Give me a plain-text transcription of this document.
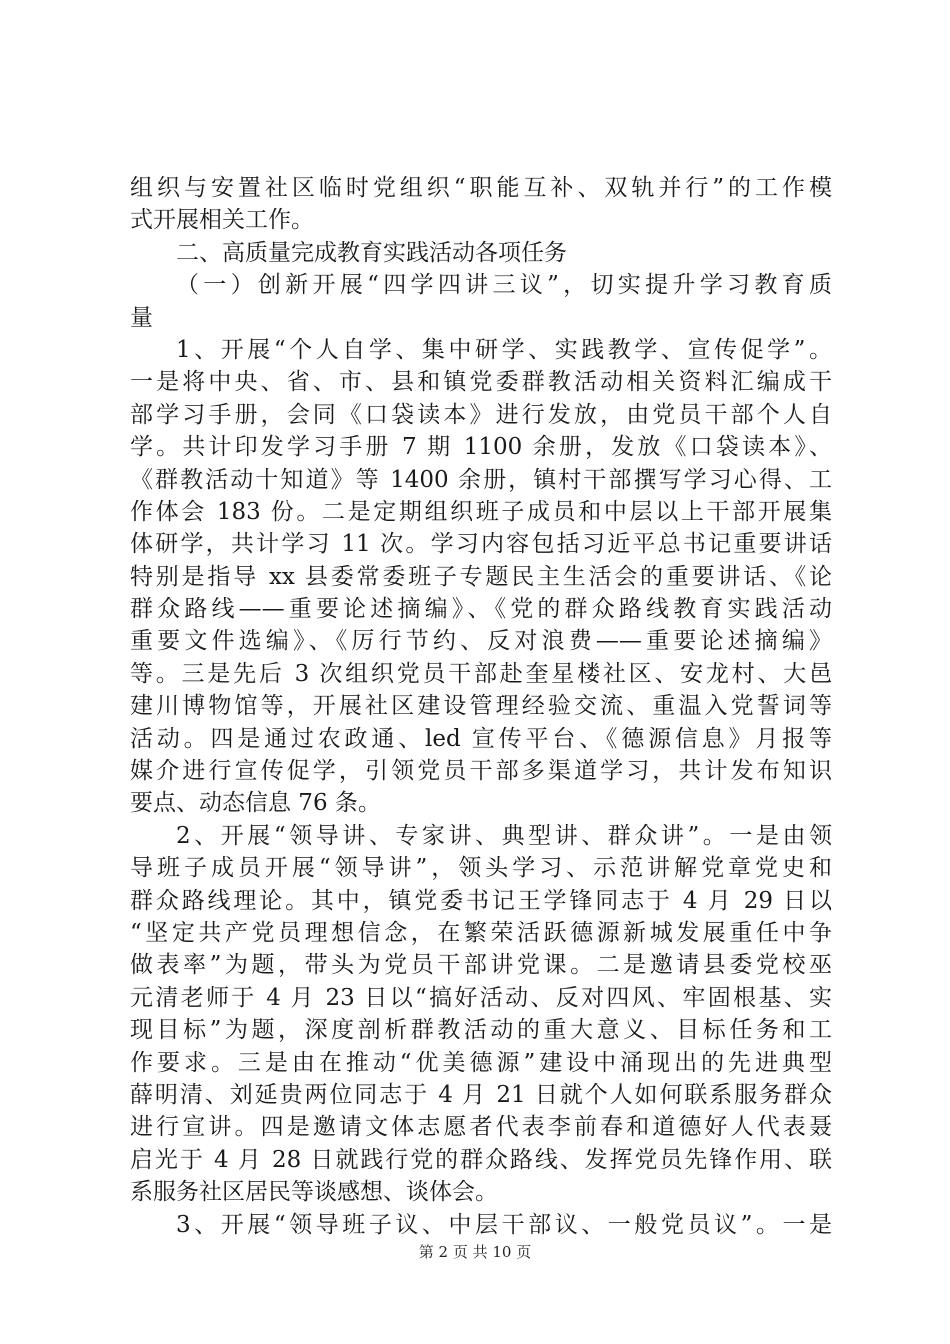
组织与安置社区临时党组织“职能互补、双轨并行”的工作模
式开展相关工作。
二、高质量完成教育实践活动各项任务
（一）创新开展“四学四讲三议”，切实提升学习教育质
量
1、开展“个人自学、集中研学、实践教学、宣传促学”。
一是将中央、省、市、县和镇党委群教活动相关资料汇编成干
部学习手册，会同《口袋读本》进行发放，由党员干部个人自
学。共计印发学习手册 7 期 1100 余册，发放《口袋读本》、
《群教活动十知道》等 1400 余册，镇村干部撰写学习心得、工
作体会 183 份。二是定期组织班子成员和中层以上干部开展集
体研学，共计学习 11 次。学习内容包括习近平总书记重要讲话
特别是指导 xx 县委常委班子专题民主生活会的重要讲话、《论
群众路线——重要论述摘编》、《党的群众路线教育实践活动
重要文件选编》、《厉行节约、反对浪费——重要论述摘编》
等。三是先后 3 次组织党员干部赴奎星楼社区、安龙村、大邑
建川博物馆等，开展社区建设管理经验交流、重温入党誓词等
活动。四是通过农政通、led 宣传平台、《德源信息》月报等
媒介进行宣传促学，引领党员干部多渠道学习，共计发布知识
要点、动态信息 76 条。
2、开展“领导讲、专家讲、典型讲、群众讲”。一是由领
导班子成员开展“领导讲”，领头学习、示范讲解党章党史和
群众路线理论。其中，镇党委书记王学锋同志于 4 月 29 日以
“坚定共产党员理想信念，在繁荣活跃德源新城发展重任中争
做表率”为题，带头为党员干部讲党课。二是邀请县委党校巫
元清老师于 4 月 23 日以“搞好活动、反对四风、牢固根基、实
现目标”为题，深度剖析群教活动的重大意义、目标任务和工
作要求。三是由在推动“优美德源”建设中涌现出的先进典型
薛明清、刘延贵两位同志于 4 月 21 日就个人如何联系服务群众
进行宣讲。四是邀请文体志愿者代表李前春和道德好人代表聂
启光于 4 月 28 日就践行党的群众路线、发挥党员先锋作用、联
系服务社区居民等谈感想、谈体会。
3、开展“领导班子议、中层干部议、一般党员议”。一是
第 2 页 共 10 页
